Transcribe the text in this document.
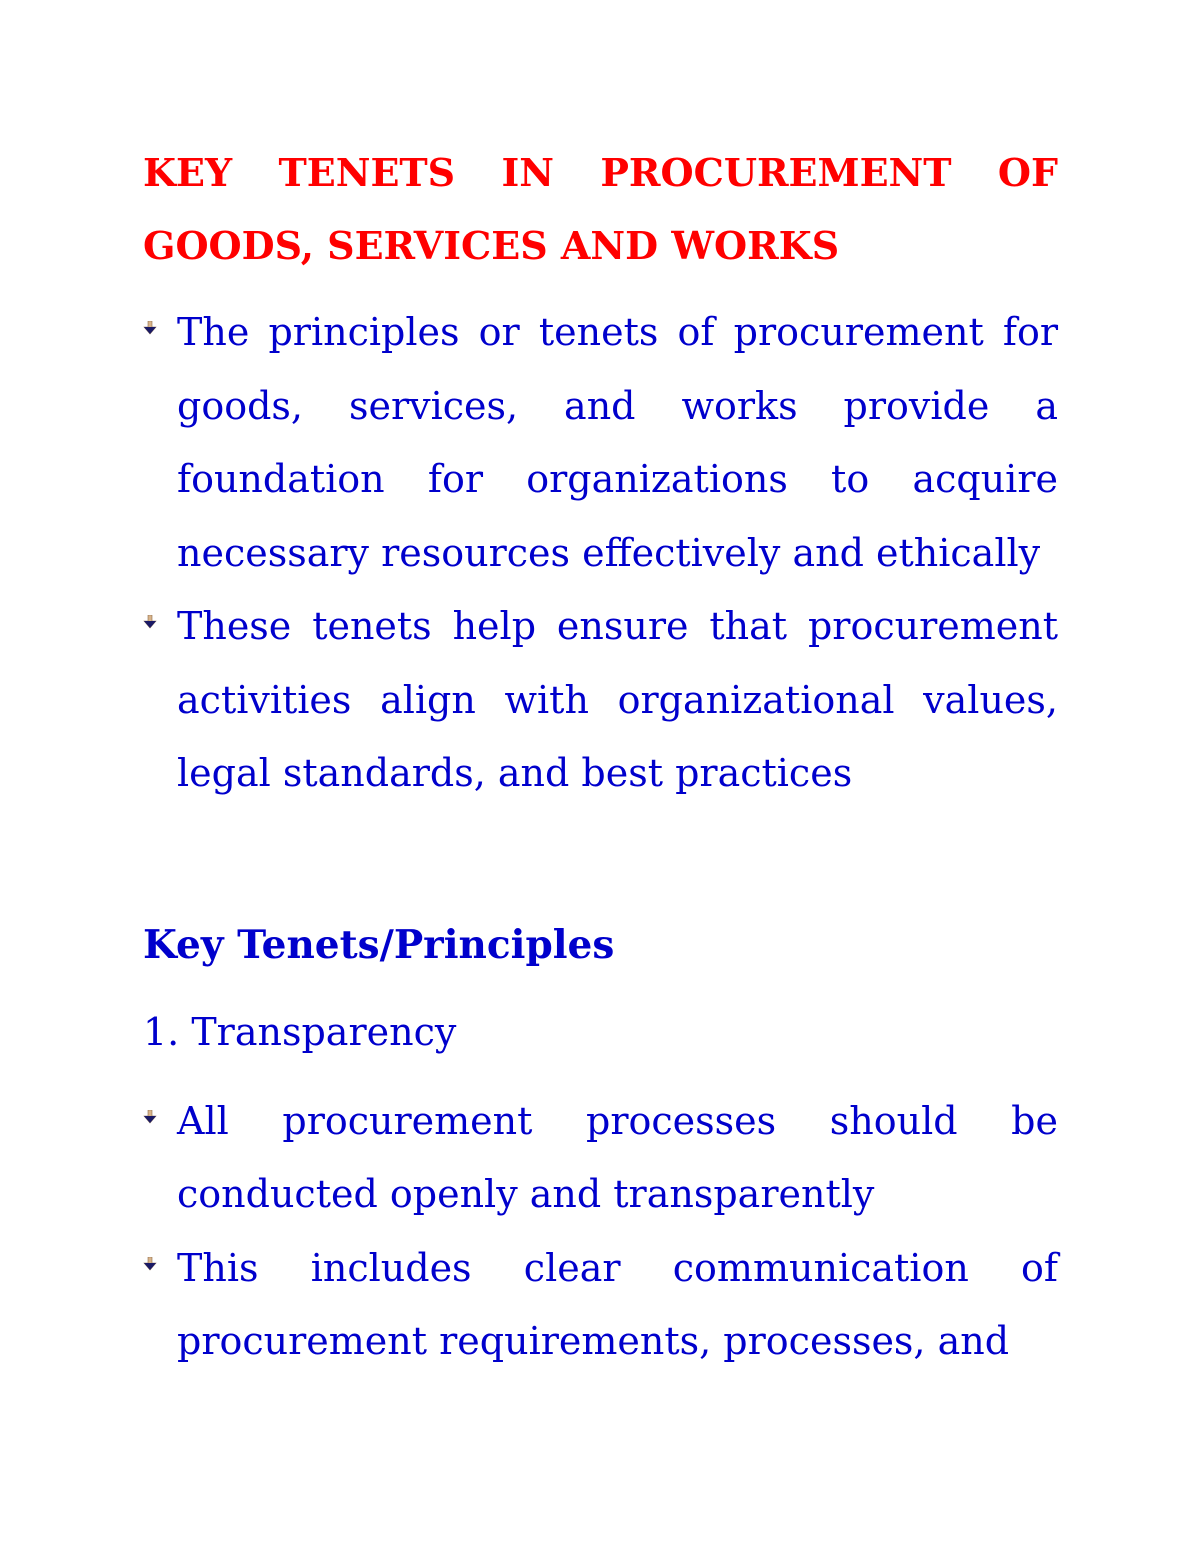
KEY TENETS IN PROCUREMENT OF GOODS, SERVICES AND WORKS
The principles or tenets of procurement for goods, services, and works provide a foundation for organizations to acquire necessary resources effectively and ethically
These tenets help ensure that procurement activities align with organizational values, legal standards, and best practices
Key Tenets/Principles

1. Transparency

All procurement processes should be conducted openly and transparently
This includes clear communication of procurement requirements, processes, and
